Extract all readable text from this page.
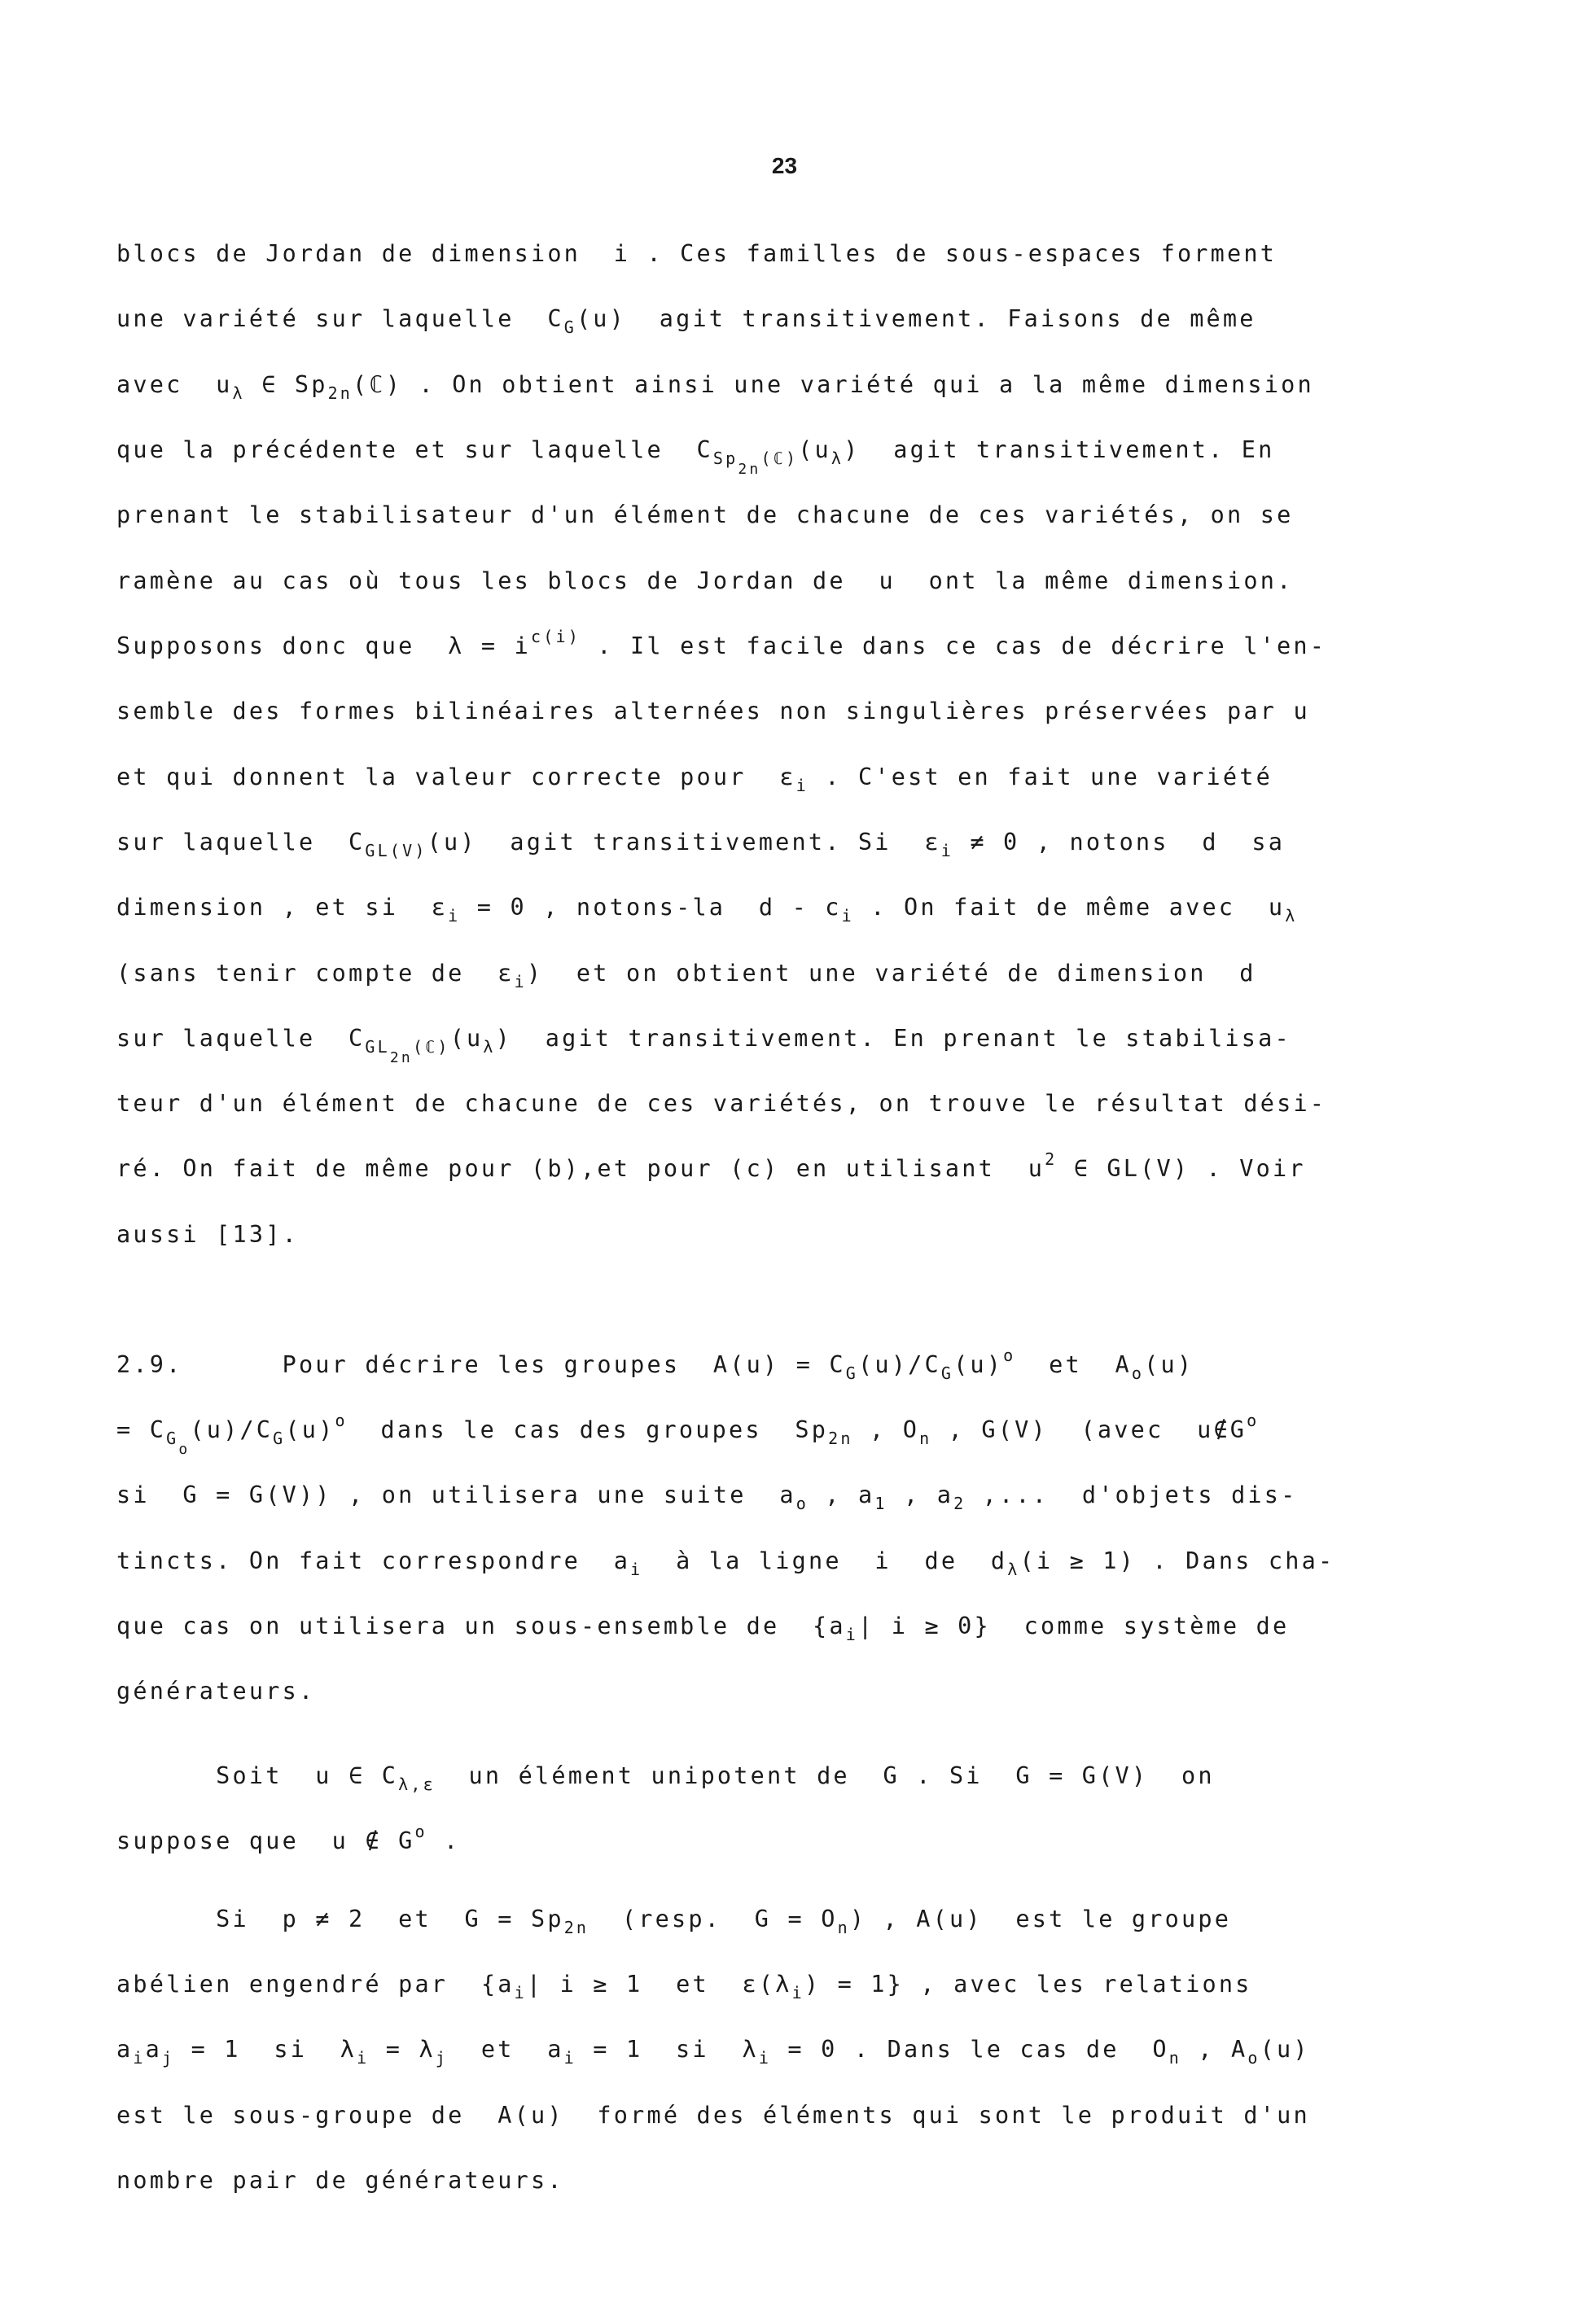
23
blocs de Jordan de dimension  i . Ces familles de sous-espaces forment
une variété sur laquelle  $C_G(u)$  agit transitivement. Faisons de même
avec  $u_\lambda$ ∈ $Sp_{2n}(ℂ)$ . On obtient ainsi une variété qui a la même dimension
que la précédente et sur laquelle  $C_{Sp2n(ℂ)}(u_\lambda)$  agit transitivement. En
prenant le stabilisateur d'un élément de chacune de ces variétés, on se
ramène au cas où tous les blocs de Jordan de  u  ont la même dimension.
Supposons donc que  $\lambda = i^{c(i)}$ . Il est facile dans ce cas de décrire l'en-
semble des formes bilinéaires alternées non singulières préservées par u
et qui donnent la valeur correcte pour  $\varepsilon_i$ . C'est en fait une variété
sur laquelle  $C_{GL(V)}(u)$  agit transitivement. Si  $\varepsilon_i \ne 0$ , notons  d  sa
dimension , et si  $\varepsilon_i = 0$ , notons-la  d - $c_i$ . On fait de même avec  $u_\lambda$
(sans tenir compte de  $\varepsilon_i$)  et on obtient une variété de dimension  d
sur laquelle  $C_{GL2n(ℂ)}(u_\lambda)$  agit transitivement. En prenant le stabilisa-
teur d'un élément de chacune de ces variétés, on trouve le résultat dési-
ré. On fait de même pour (b),et pour (c) en utilisant  $u^2$ ∈ GL(V) . Voir
aussi [13].
2.9.      Pour décrire les groupes  $A(u) = C_G(u)/C_G(u)^o$  et  $A_o(u)$
= $C_{Go}(u)/C_G(u)^o$  dans le cas des groupes  $Sp_{2n}$ , $O_n$ , G(V)  (avec  $u\notin G^o$
si  G = G(V)) , on utilisera une suite  $a_o$ , $a_1$ , $a_2$ ,...  d'objets dis-
tincts. On fait correspondre  $a_i$  à la ligne  i  de  $d_\lambda(i \ge 1)$ . Dans cha-
que cas on utilisera un sous-ensemble de  {$a_i|$ i ≥ 0}  comme système de
générateurs.
Soit  u ∈ $C_{\lambda,\varepsilon}$  un élément unipotent de  G . Si  G = G(V)  on
suppose que  u ∉ $G^o$ .
Si  p ≠ 2  et  $G = Sp_{2n}$  (resp.  $G = O_n$) , A(u)  est le groupe
abélien engendré par  {$a_i|$ i ≥ 1  et  $\varepsilon(\lambda_i) = 1$} , avec les relations
$a_ia_j = 1$  si  $\lambda_i = \lambda_j$  et  $a_i = 1$  si  $\lambda_i = 0$ . Dans le cas de  $O_n$ , $A_o(u)$
est le sous-groupe de  A(u)  formé des éléments qui sont le produit d'un
nombre pair de générateurs.
